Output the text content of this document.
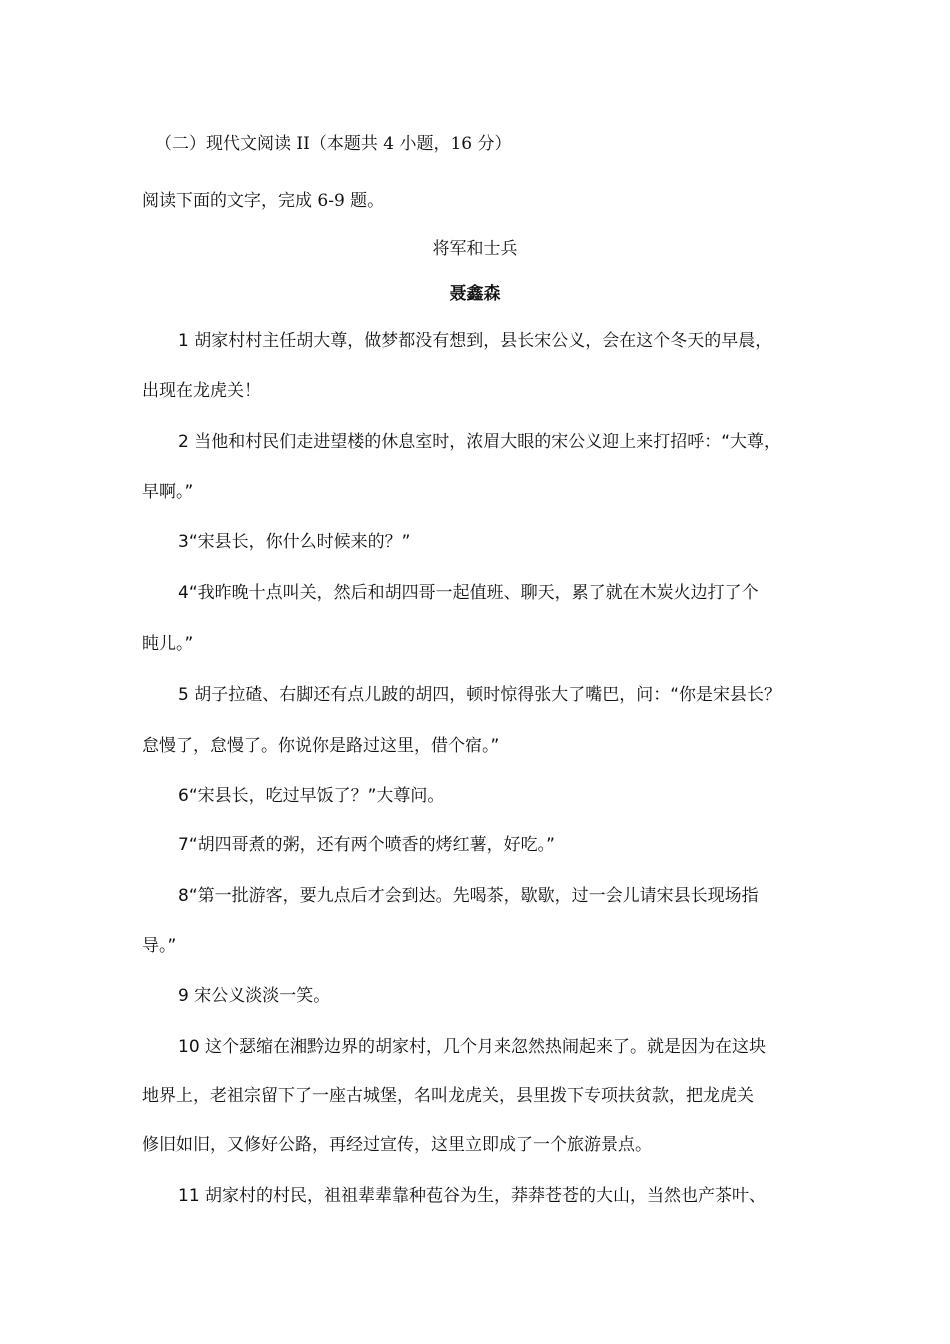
（二）现代文阅读 II（本题共 4 小题，16 分）
阅读下面的文字，完成 6-9 题。
将军和士兵
聂鑫森
1 胡家村村主任胡大尊，做梦都没有想到，县长宋公义，会在这个冬天的早晨，
出现在龙虎关！
2 当他和村民们走进望楼的休息室时，浓眉大眼的宋公义迎上来打招呼：“大尊，
早啊。”
3“宋县长，你什么时候来的？”
4“我昨晚十点叫关，然后和胡四哥一起值班、聊天，累了就在木炭火边打了个
盹儿。”
5 胡子拉碴、右脚还有点儿跛的胡四，顿时惊得张大了嘴巴，问：“你是宋县长？
怠慢了，怠慢了。你说你是路过这里，借个宿。”
6“宋县长，吃过早饭了？”大尊问。
7“胡四哥煮的粥，还有两个喷香的烤红薯，好吃。”
8“第一批游客，要九点后才会到达。先喝茶，歇歇，过一会儿请宋县长现场指
导。”
9 宋公义淡淡一笑。
10 这个瑟缩在湘黔边界的胡家村，几个月来忽然热闹起来了。就是因为在这块
地界上，老祖宗留下了一座古城堡，名叫龙虎关，县里拨下专项扶贫款，把龙虎关
修旧如旧，又修好公路，再经过宣传，这里立即成了一个旅游景点。
11 胡家村的村民，祖祖辈辈靠种苞谷为生，莽莽苍苍的大山，当然也产茶叶、
